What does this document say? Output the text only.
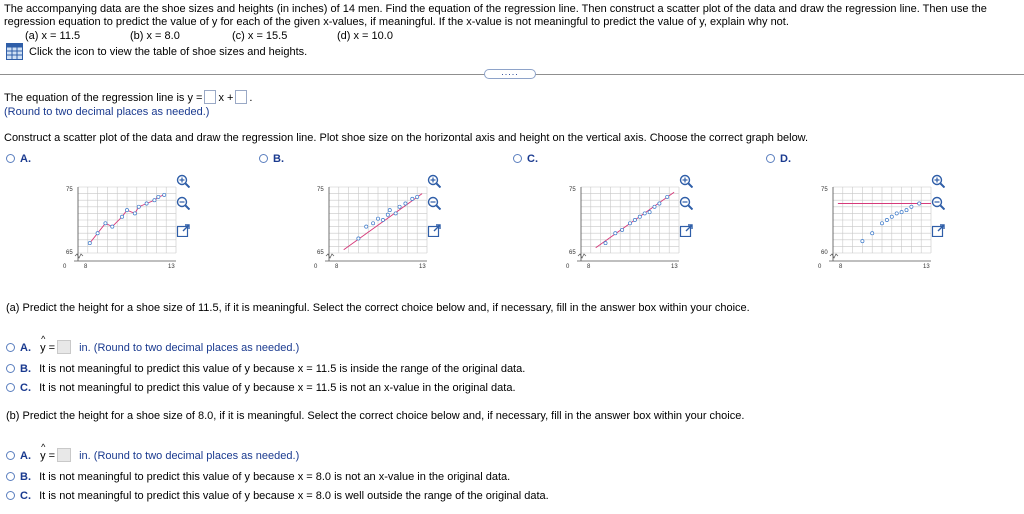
The accompanying data are the shoe sizes and heights (in inches) of 14 men. Find the equation of the regression line. Then construct a scatter plot of the data and draw the regression line. Then use the
regression equation to predict the value of y for each of the given x-values, if meaningful. If the x-value is not meaningful to predict the value of y, explain why not.
(a) x = 11.5	(b) x = 8.0	(c) x = 15.5	(d) x = 10.0
Click the icon to view the table of shoe sizes and heights.
.....
The equation of the regression line is y = x + .
(Round to two decimal places as needed.)
Construct a scatter plot of the data and draw the regression line. Plot shoe size on the horizontal axis and height on the vertical axis. Choose the correct graph below.
A.	B.	C.	D.
75
65
0	8	13
75
65
0	8	13
75
65
0	8	13
75
60
0	8	13
(a) Predict the height for a shoe size of 11.5, if it is meaningful. Select the correct choice below and, if necessary, fill in the answer box within your choice.
A. ^ y = in. (Round to two decimal places as needed.)
B. It is not meaningful to predict this value of y because x = 11.5 is inside the range of the original data.
C. It is not meaningful to predict this value of y because x = 11.5 is not an x-value in the original data.
(b) Predict the height for a shoe size of 8.0, if it is meaningful. Select the correct choice below and, if necessary, fill in the answer box within your choice.
A. ^ y = in. (Round to two decimal places as needed.)
B. It is not meaningful to predict this value of y because x = 8.0 is not an x-value in the original data.
C. It is not meaningful to predict this value of y because x = 8.0 is well outside the range of the original data.
